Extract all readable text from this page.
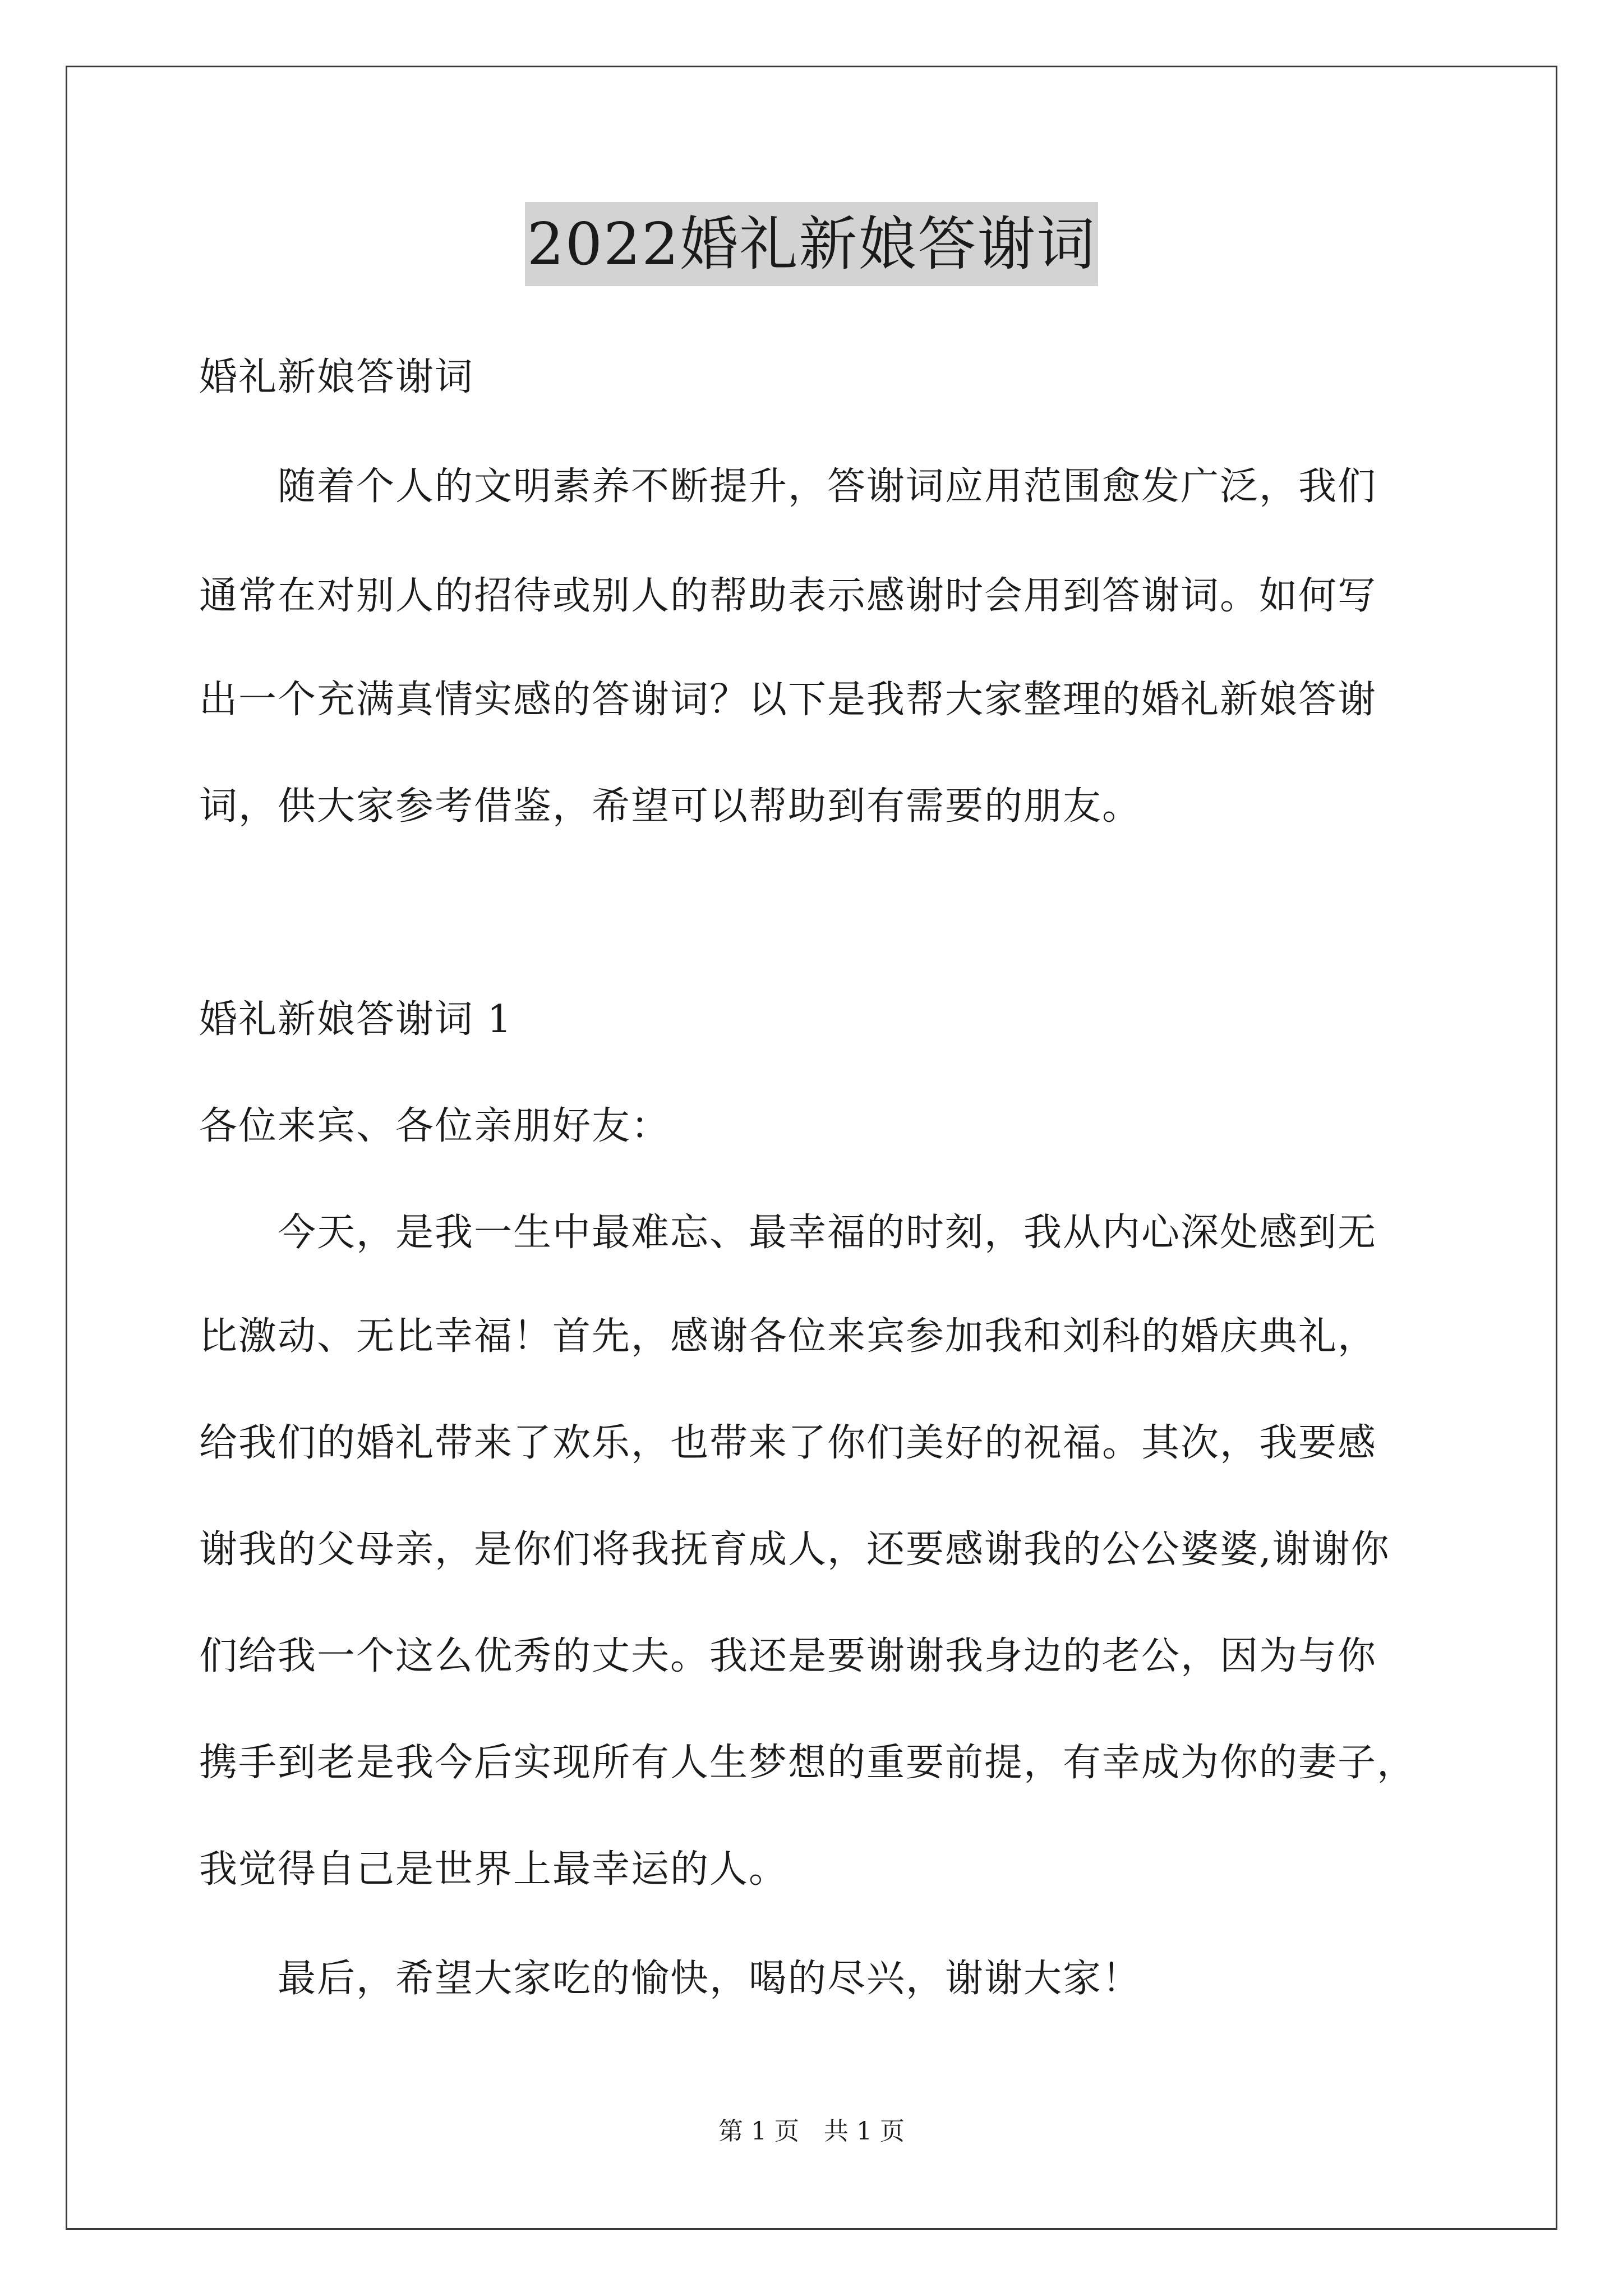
2022婚礼新娘答谢词

婚礼新娘答谢词

　　随着个人的文明素养不断提升，答谢词应用范围愈发广泛，我们

通常在对别人的招待或别人的帮助表示感谢时会用到答谢词。如何写

出一个充满真情实感的答谢词？以下是我帮大家整理的婚礼新娘答谢

词，供大家参考借鉴，希望可以帮助到有需要的朋友。

婚礼新娘答谢词 1

各位来宾、各位亲朋好友：

　　今天，是我一生中最难忘、最幸福的时刻，我从内心深处感到无

比激动、无比幸福！首先，感谢各位来宾参加我和刘科的婚庆典礼，

给我们的婚礼带来了欢乐，也带来了你们美好的祝福。其次，我要感

谢我的父母亲，是你们将我抚育成人，还要感谢我的公公婆婆,谢谢你

们给我一个这么优秀的丈夫。我还是要谢谢我身边的老公，因为与你

携手到老是我今后实现所有人生梦想的重要前提，有幸成为你的妻子，

我觉得自己是世界上最幸运的人。

　　最后，希望大家吃的愉快，喝的尽兴，谢谢大家！

第 1 页　共 1 页
